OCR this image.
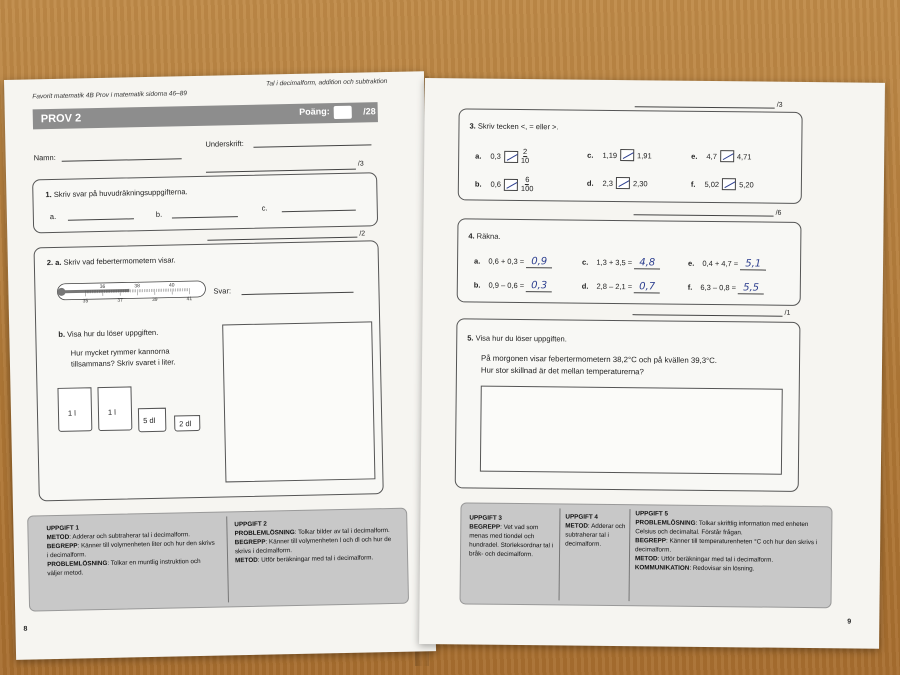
Favorit matematik 4B Prov i matematik sidorna 46–89
Tal i decimalform, addition och subtraktion
PROV 2
Poäng:	/28
Namn:
Underskrift:
/3
1. Skriv svar på huvudräkningsuppgifterna.
a.	b.
c.
/2
2. a. Skriv vad febertermometern visar.
35
36
37
38
39
40
41
Svar:
b. Visa hur du löser uppgiften.
Hur mycket rymmer kannorna
tillsammans? Skriv svaret i liter.
1 l	1 l
5 dl	2 dl
UPPGIFT 1
METOD: Adderar och subtraherar tal i decimalform.
BEGREPP: Känner till volymenheten liter och hur den skrivs i decimalform.
PROBLEMLÖSNING: Tolkar en muntlig instruktion och väljer metod.
UPPGIFT 2
PROBLEMLÖSNING: Tolkar bilder av tal i decimalform.
BEGREPP: Känner till volymenheten l och dl och hur de skrivs i decimalform.
METOD: Utför beräkningar med tal i decimalform.
8
/3
3. Skriv tecken <, = eller >.
a. 0,3	$\frac{2}{10}$	c. 1,19	1,91	e. 4,7	4,71
b. 0,6	$\frac{6}{100}$	d. 2,3	2,30	f. 5,02	5,20
/6
4. Räkna.
a. 0,6 + 0,3 = 0,9	c. 1,3 + 3,5 = 4,8	e. 0,4 + 4,7 = 5,1
b. 0,9 – 0,6 = 0,3	d. 2,8 – 2,1 = 0,7	f. 6,3 – 0,8 = 5,5
/1
5. Visa hur du löser uppgiften.
På morgonen visar febertermometern 38,2°C och på kvällen 39,3°C.
Hur stor skillnad är det mellan temperaturerna?
UPPGIFT 3
BEGREPP: Vet vad som menas med tiondel och hundradel. Storleksordnar tal i bråk- och decimalform.
UPPGIFT 4
METOD: Adderar och subtraherar tal i decimalform.
UPPGIFT 5
PROBLEMLÖSNING: Tolkar skriftlig information med enheten Celsius och decimaltal. Förstår frågan.
BEGREPP: Känner till temperaturenheten °C och hur den skrivs i decimalform.
METOD: Utför beräkningar med tal i decimalform.
KOMMUNIKATION: Redovisar sin lösning.
9
